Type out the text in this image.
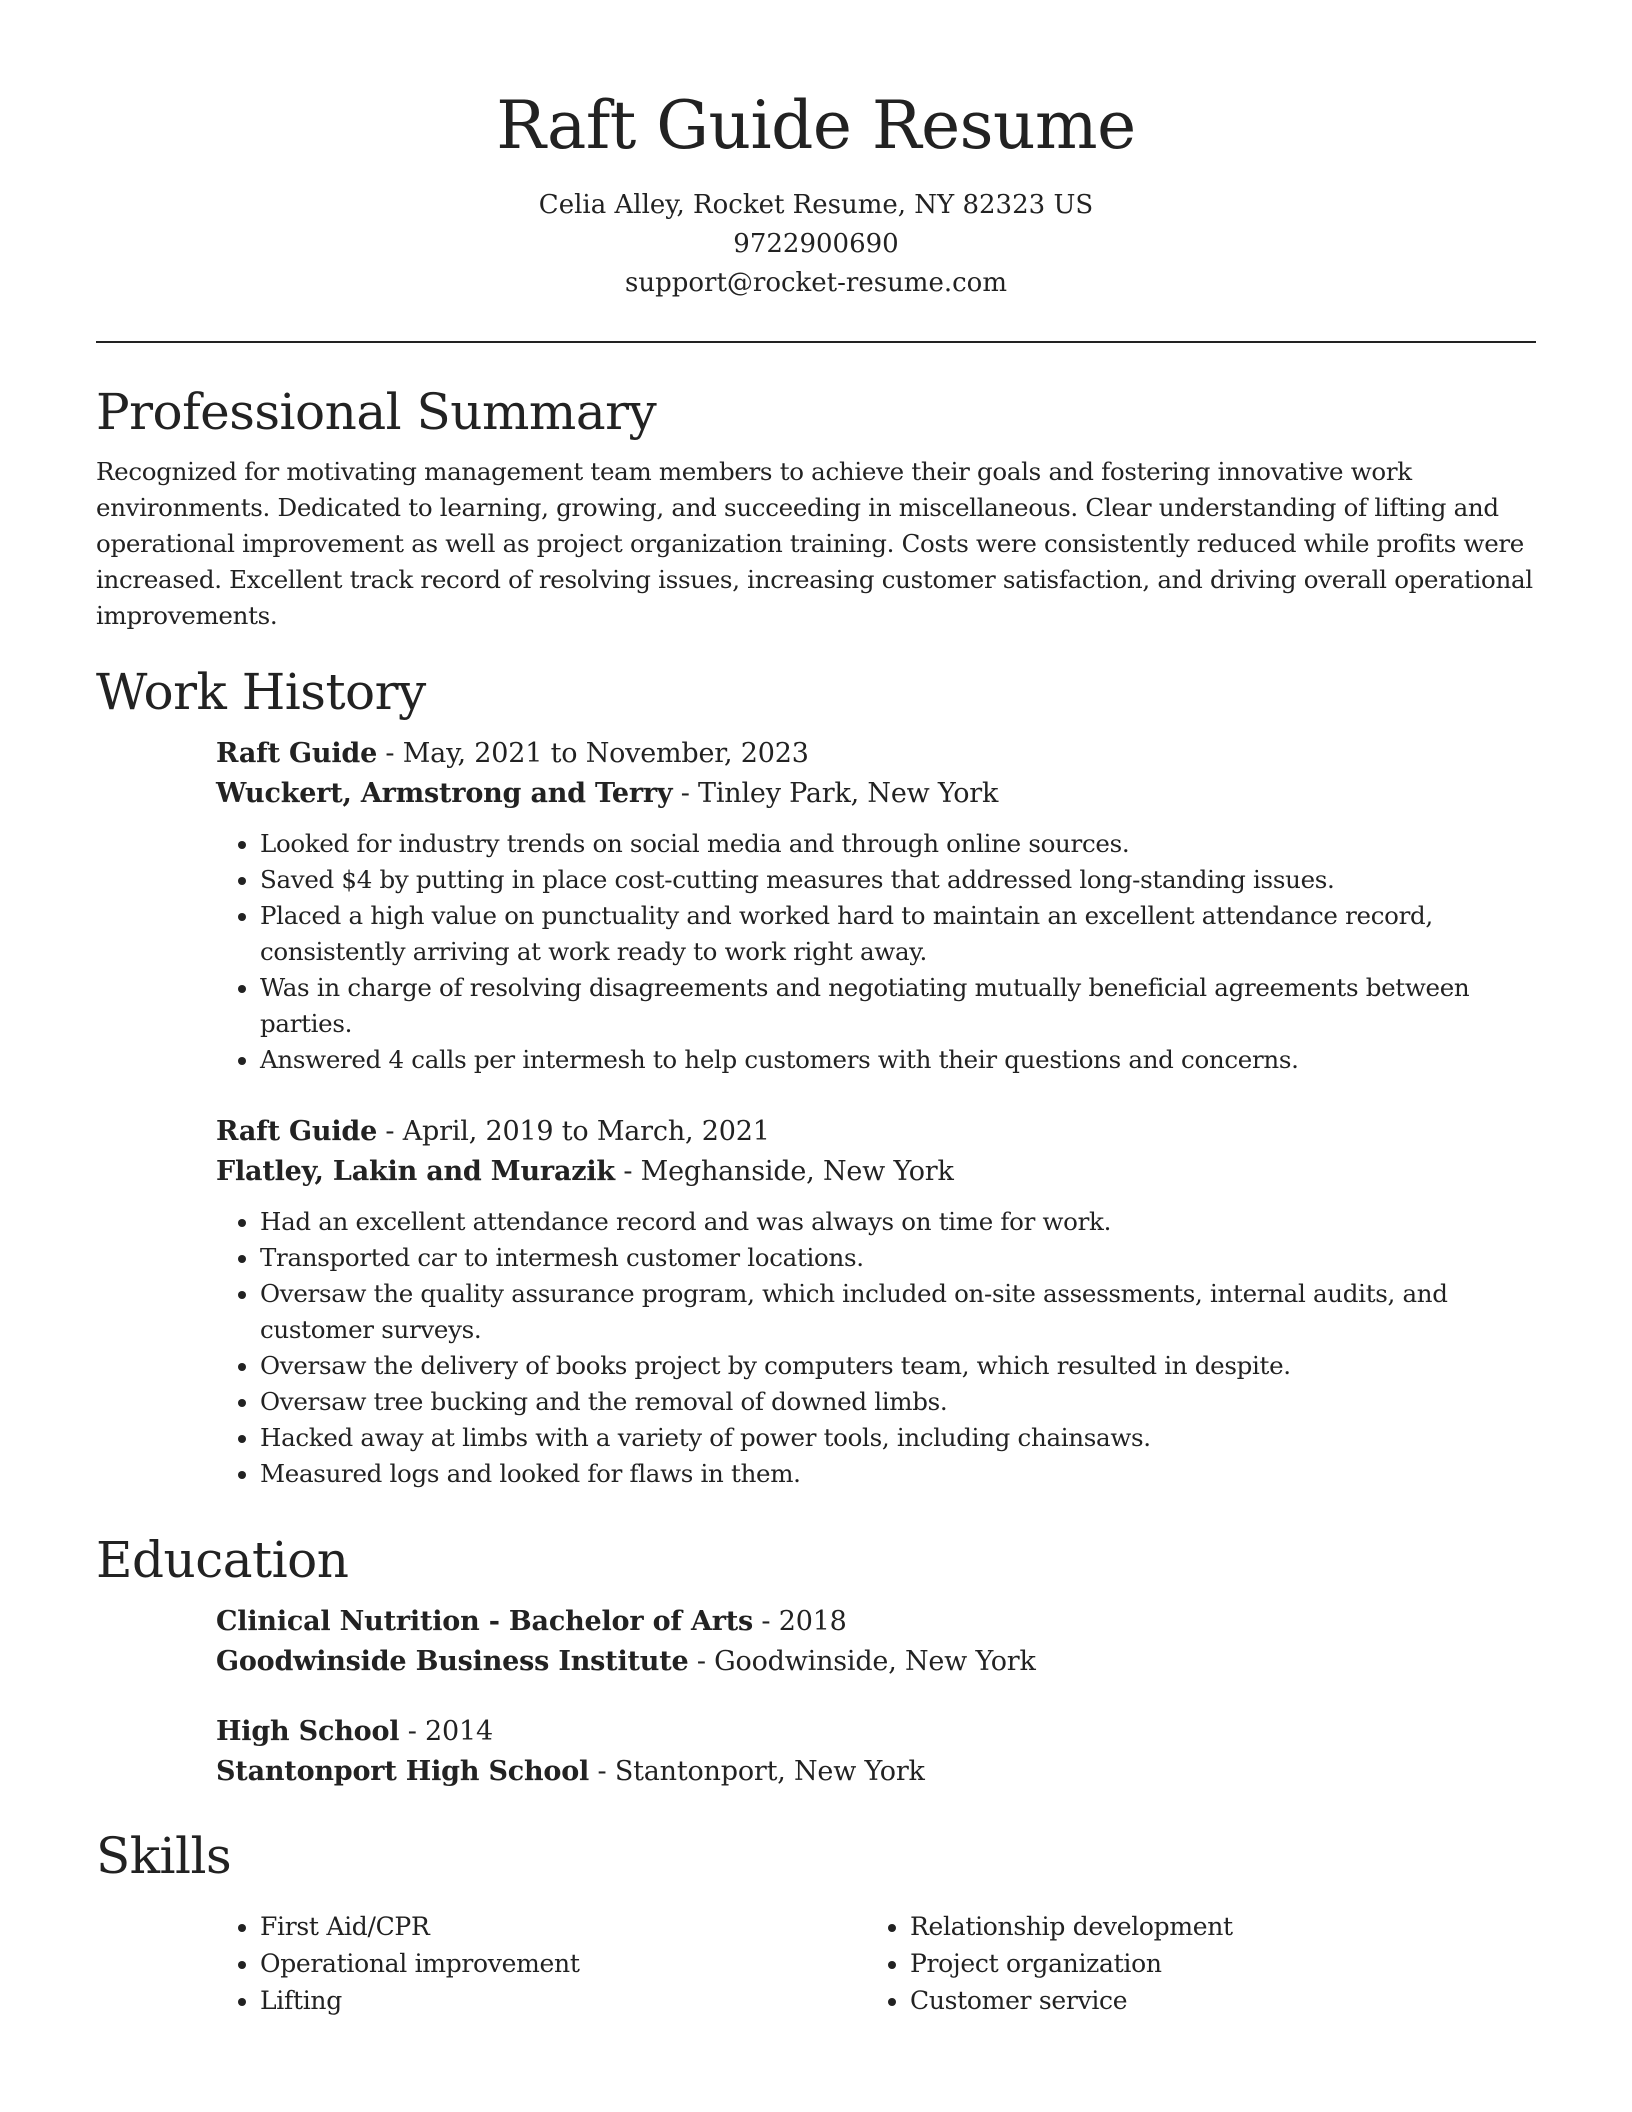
Raft Guide Resume
Celia Alley, Rocket Resume, NY 82323 US
9722900690
support@rocket-resume.com
Professional Summary

Recognized for motivating management team members to achieve their goals and fostering innovative work environments. Dedicated to learning, growing, and succeeding in miscellaneous. Clear understanding of lifting and operational improvement as well as project organization training. Costs were consistently reduced while profits were increased. Excellent track record of resolving issues, increasing customer satisfaction, and driving overall operational improvements.

Work History
Raft Guide - May, 2021 to November, 2023
Wuckert, Armstrong and Terry - Tinley Park, New York
• Looked for industry trends on social media and through online sources.
• Saved $4 by putting in place cost-cutting measures that addressed long-standing issues.
• Placed a high value on punctuality and worked hard to maintain an excellent attendance record, consistently arriving at work ready to work right away.
• Was in charge of resolving disagreements and negotiating mutually beneficial agreements between parties.
• Answered 4 calls per intermesh to help customers with their questions and concerns.
Raft Guide - April, 2019 to March, 2021
Flatley, Lakin and Murazik - Meghanside, New York
• Had an excellent attendance record and was always on time for work.
• Transported car to intermesh customer locations.
• Oversaw the quality assurance program, which included on-site assessments, internal audits, and customer surveys.
• Oversaw the delivery of books project by computers team, which resulted in despite.
• Oversaw tree bucking and the removal of downed limbs.
• Hacked away at limbs with a variety of power tools, including chainsaws.
• Measured logs and looked for flaws in them.
Education
Clinical Nutrition - Bachelor of Arts - 2018
Goodwinside Business Institute - Goodwinside, New York
High School - 2014
Stantonport High School - Stantonport, New York
Skills
• First Aid/CPR
• Operational improvement
• Lifting
• Relationship development
• Project organization
• Customer service
